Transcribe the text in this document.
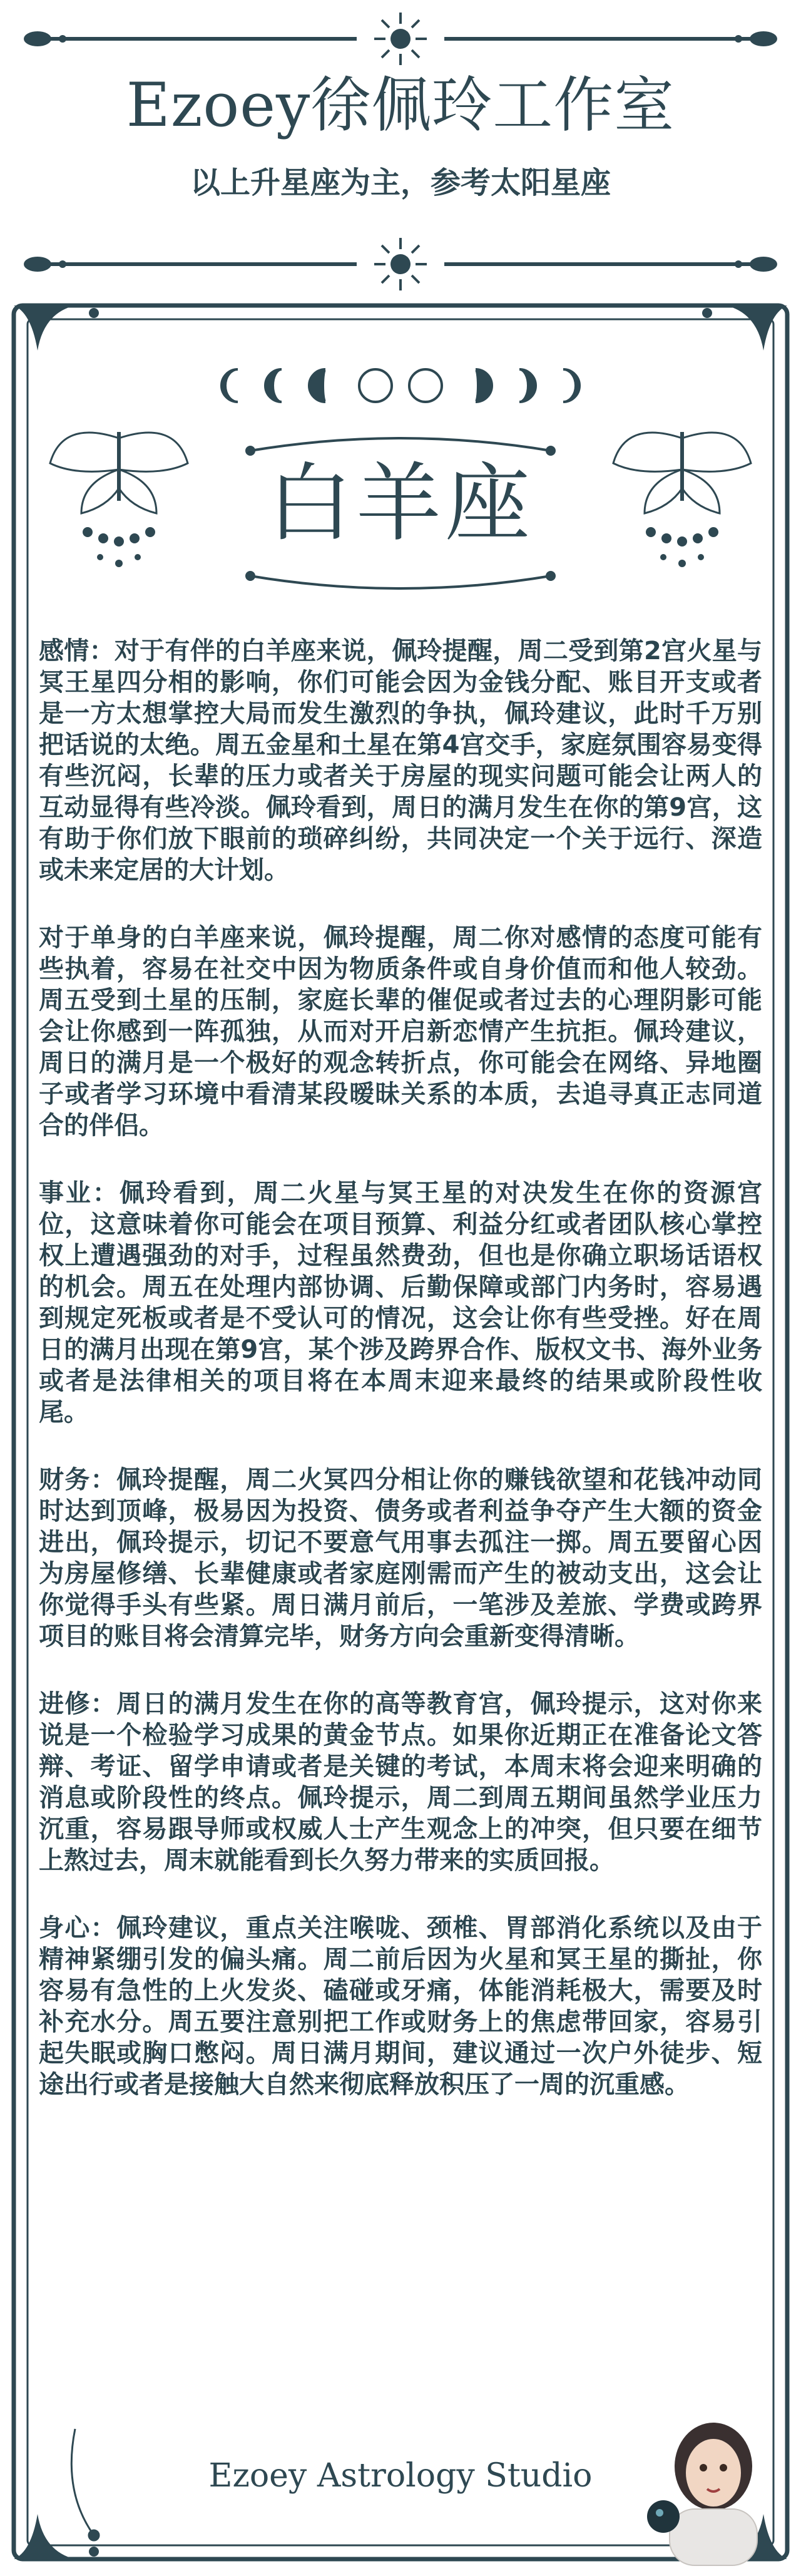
Ezoey徐佩玲工作室
以上升星座为主，参考太阳星座
白羊座

感情：对于有伴的白羊座来说，佩玲提醒，周二受到第2宫火星与冥王星四分相的影响，你们可能会因为金钱分配、账目开支或者是一方太想掌控大局而发生激烈的争执，佩玲建议，此时千万别把话说的太绝。周五金星和土星在第4宫交手，家庭氛围容易变得有些沉闷，长辈的压力或者关于房屋的现实问题可能会让两人的互动显得有些冷淡。佩玲看到，周日的满月发生在你的第9宫，这有助于你们放下眼前的琐碎纠纷，共同决定一个关于远行、深造或未来定居的大计划。

对于单身的白羊座来说，佩玲提醒，周二你对感情的态度可能有些执着，容易在社交中因为物质条件或自身价值而和他人较劲。周五受到土星的压制，家庭长辈的催促或者过去的心理阴影可能会让你感到一阵孤独，从而对开启新恋情产生抗拒。佩玲建议，周日的满月是一个极好的观念转折点，你可能会在网络、异地圈子或者学习环境中看清某段暧昧关系的本质，去追寻真正志同道合的伴侣。

事业：佩玲看到，周二火星与冥王星的对决发生在你的资源宫位，这意味着你可能会在项目预算、利益分红或者团队核心掌控权上遭遇强劲的对手，过程虽然费劲，但也是你确立职场话语权的机会。周五在处理内部协调、后勤保障或部门内务时，容易遇到规定死板或者是不受认可的情况，这会让你有些受挫。好在周日的满月出现在第9宫，某个涉及跨界合作、版权文书、海外业务或者是法律相关的项目将在本周末迎来最终的结果或阶段性收尾。

财务：佩玲提醒，周二火冥四分相让你的赚钱欲望和花钱冲动同时达到顶峰，极易因为投资、债务或者利益争夺产生大额的资金进出，佩玲提示，切记不要意气用事去孤注一掷。周五要留心因为房屋修缮、长辈健康或者家庭刚需而产生的被动支出，这会让你觉得手头有些紧。周日满月前后，一笔涉及差旅、学费或跨界项目的账目将会清算完毕，财务方向会重新变得清晰。

进修：周日的满月发生在你的高等教育宫，佩玲提示，这对你来说是一个检验学习成果的黄金节点。如果你近期正在准备论文答辩、考证、留学申请或者是关键的考试，本周末将会迎来明确的消息或阶段性的终点。佩玲提示，周二到周五期间虽然学业压力沉重，容易跟导师或权威人士产生观念上的冲突，但只要在细节上熬过去，周末就能看到长久努力带来的实质回报。

身心：佩玲建议，重点关注喉咙、颈椎、胃部消化系统以及由于精神紧绷引发的偏头痛。周二前后因为火星和冥王星的撕扯，你容易有急性的上火发炎、磕碰或牙痛，体能消耗极大，需要及时补充水分。周五要注意别把工作或财务上的焦虑带回家，容易引起失眠或胸口憋闷。周日满月期间，建议通过一次户外徒步、短途出行或者是接触大自然来彻底释放积压了一周的沉重感。

Ezoey Astrology Studio
